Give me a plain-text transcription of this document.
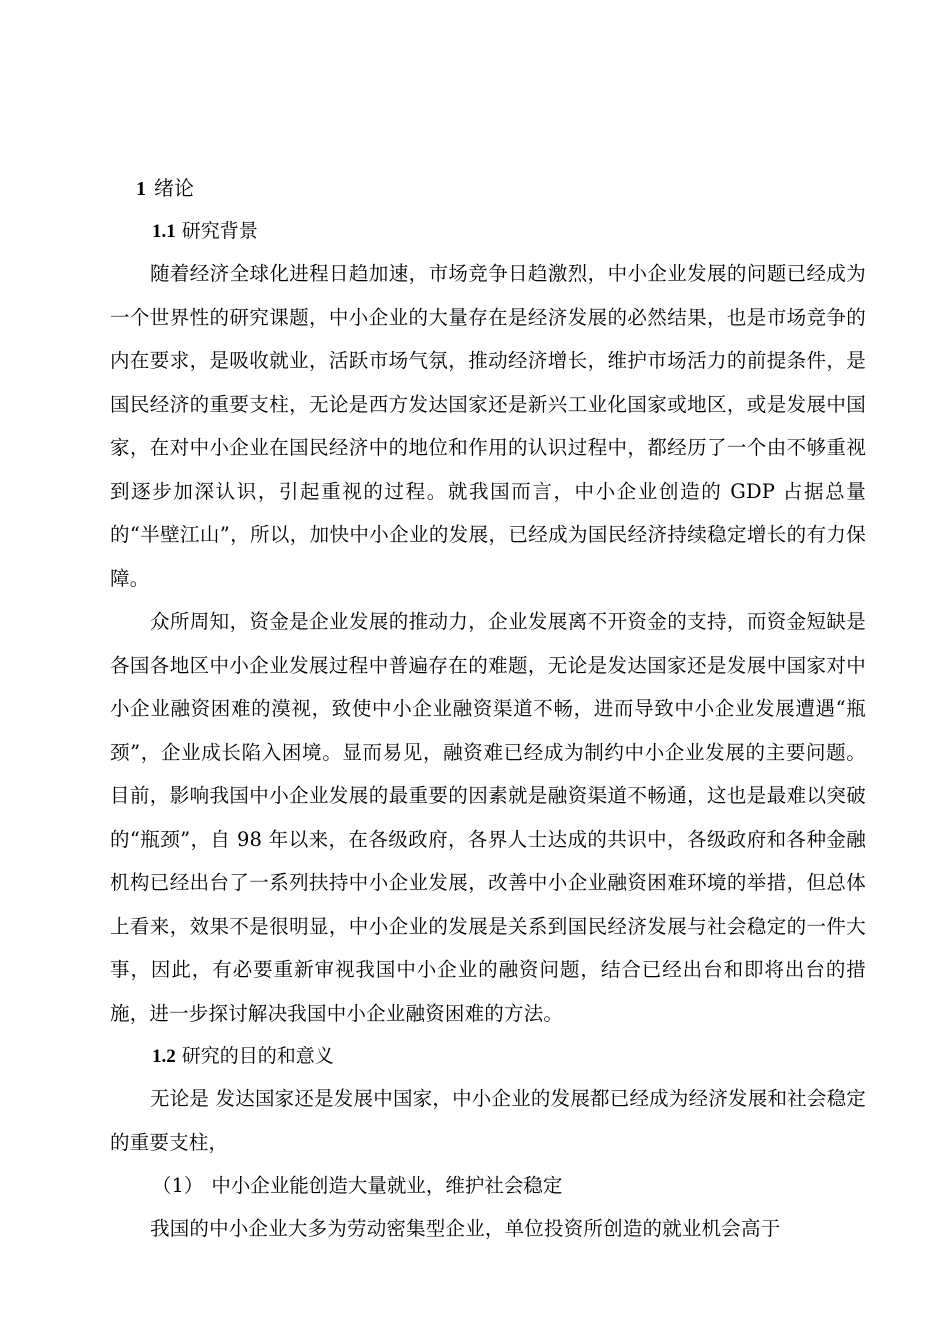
1 绪论
1.1 研究背景

随着经济全球化进程日趋加速，市场竞争日趋激烈，中小企业发展的问题已经成为一个世界性的研究课题，中小企业的大量存在是经济发展的必然结果，也是市场竞争的内在要求，是吸收就业，活跃市场气氛，推动经济增长，维护市场活力的前提条件，是国民经济的重要支柱，无论是西方发达国家还是新兴工业化国家或地区，或是发展中国家，在对中小企业在国民经济中的地位和作用的认识过程中，都经历了一个由不够重视到逐步加深认识，引起重视的过程。就我国而言，中小企业创造的 GDP 占据总量的“半壁江山”，所以，加快中小企业的发展，已经成为国民经济持续稳定增长的有力保障。

众所周知，资金是企业发展的推动力，企业发展离不开资金的支持，而资金短缺是各国各地区中小企业发展过程中普遍存在的难题，无论是发达国家还是发展中国家对中小企业融资困难的漠视，致使中小企业融资渠道不畅，进而导致中小企业发展遭遇“瓶颈”，企业成长陷入困境。显而易见，融资难已经成为制约中小企业发展的主要问题。目前，影响我国中小企业发展的最重要的因素就是融资渠道不畅通，这也是最难以突破的“瓶颈”，自 98 年以来，在各级政府，各界人士达成的共识中，各级政府和各种金融机构已经出台了一系列扶持中小企业发展，改善中小企业融资困难环境的举措，但总体上看来，效果不是很明显，中小企业的发展是关系到国民经济发展与社会稳定的一件大事，因此，有必要重新审视我国中小企业的融资问题，结合已经出台和即将出台的措施，进一步探讨解决我国中小企业融资困难的方法。

1.2 研究的目的和意义

无论是 发达国家还是发展中国家，中小企业的发展都已经成为经济发展和社会稳定的重要支柱，

（1） 中小企业能创造大量就业，维护社会稳定

我国的中小企业大多为劳动密集型企业，单位投资所创造的就业机会高于
